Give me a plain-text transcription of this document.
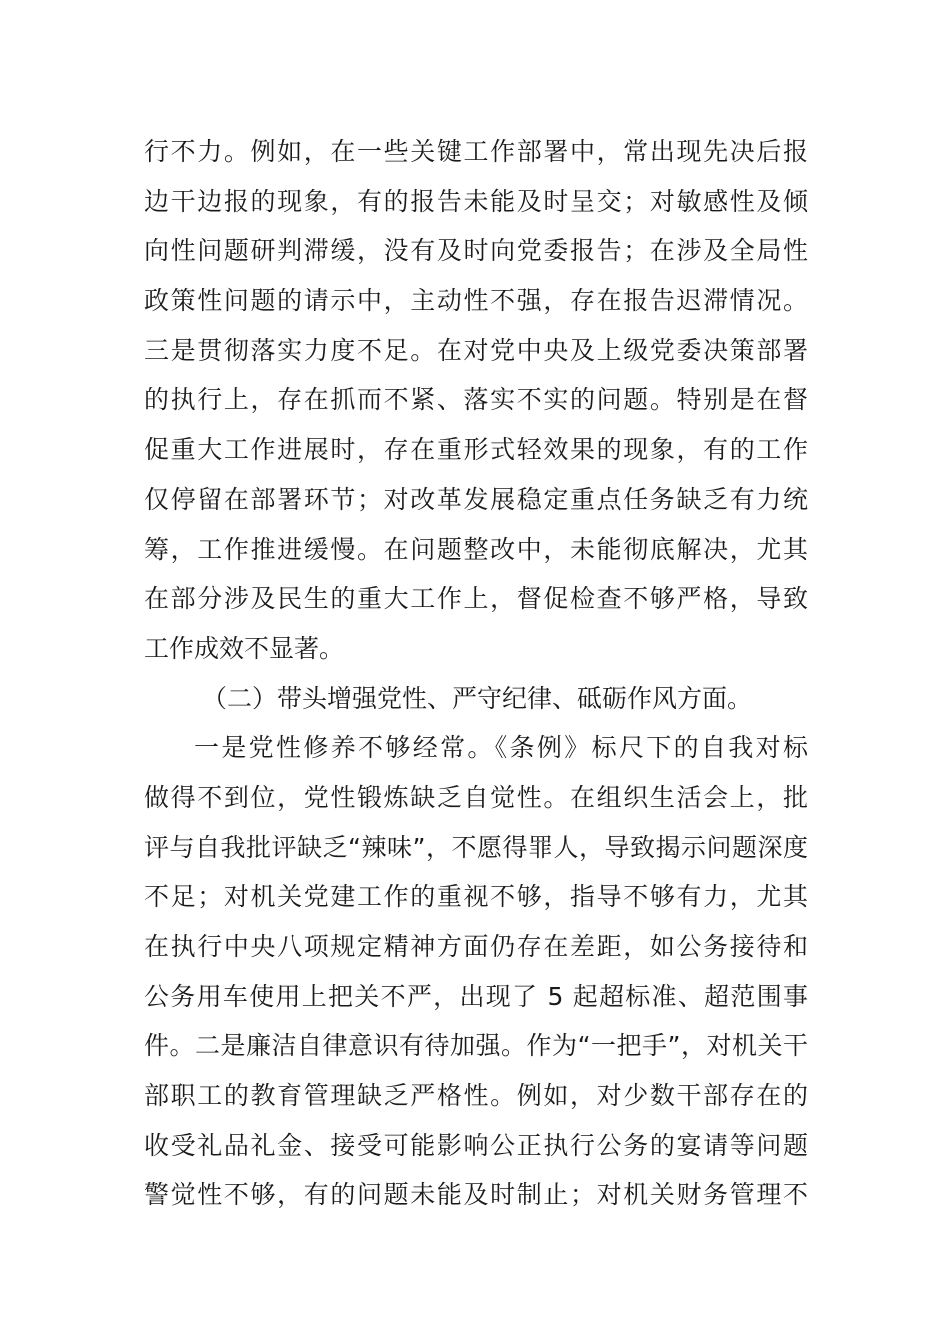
行不力。例如，在一些关键工作部署中，常出现先决后报
边干边报的现象，有的报告未能及时呈交；对敏感性及倾
向性问题研判滞缓，没有及时向党委报告；在涉及全局性
政策性问题的请示中，主动性不强，存在报告迟滞情况。
三是贯彻落实力度不足。在对党中央及上级党委决策部署
的执行上，存在抓而不紧、落实不实的问题。特别是在督
促重大工作进展时，存在重形式轻效果的现象，有的工作
仅停留在部署环节；对改革发展稳定重点任务缺乏有力统
筹，工作推进缓慢。在问题整改中，未能彻底解决，尤其
在部分涉及民生的重大工作上，督促检查不够严格，导致
工作成效不显著。
（二）带头增强党性、严守纪律、砥砺作风方面。
一是党性修养不够经常。《条例》标尺下的自我对标
做得不到位，党性锻炼缺乏自觉性。在组织生活会上，批
评与自我批评缺乏“辣味”，不愿得罪人，导致揭示问题深度
不足；对机关党建工作的重视不够，指导不够有力，尤其
在执行中央八项规定精神方面仍存在差距，如公务接待和
公务用车使用上把关不严，出现了 5 起超标准、超范围事
件。二是廉洁自律意识有待加强。作为“一把手”，对机关干
部职工的教育管理缺乏严格性。例如，对少数干部存在的
收受礼品礼金、接受可能影响公正执行公务的宴请等问题
警觉性不够，有的问题未能及时制止；对机关财务管理不
